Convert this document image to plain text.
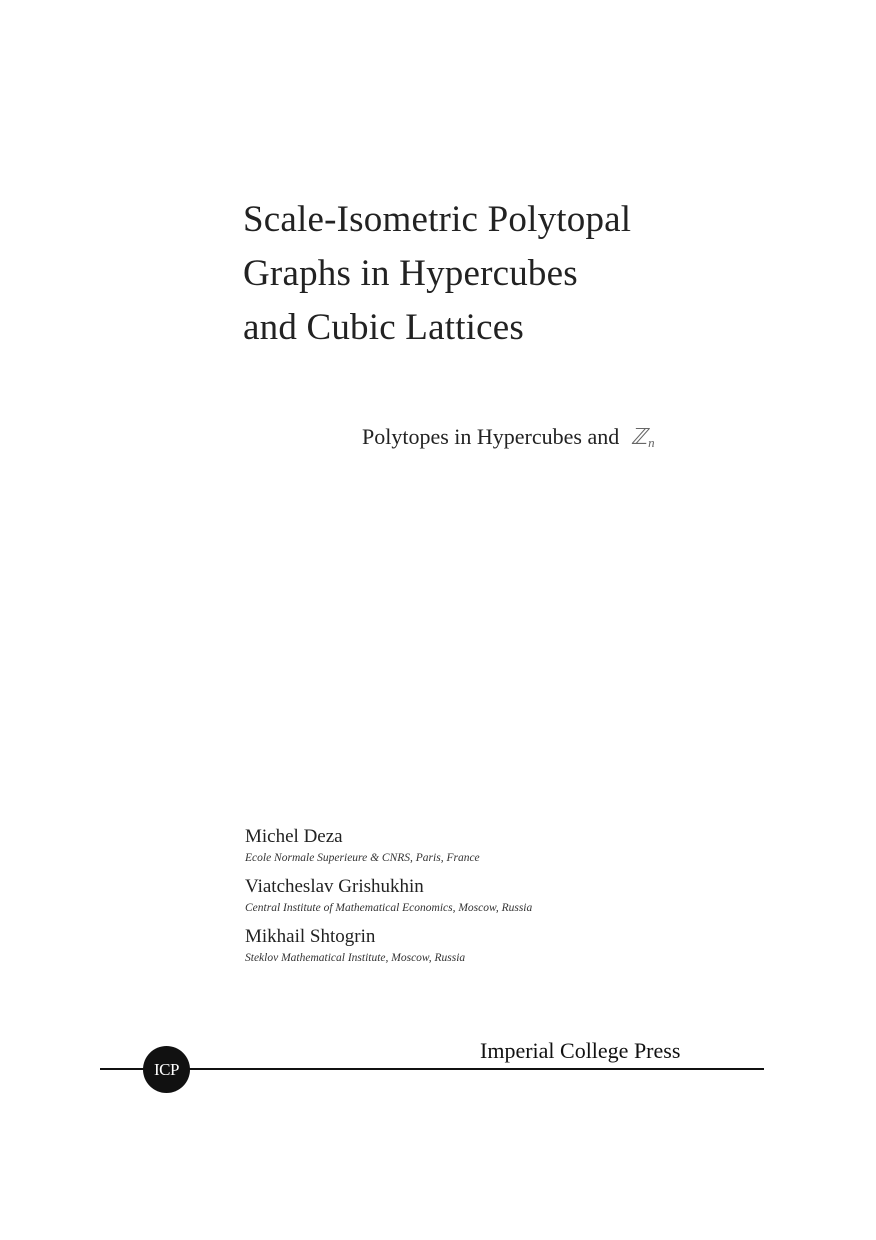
Scale-Isometric Polytopal
Graphs in Hypercubes
and Cubic Lattices
Polytopes in Hypercubes and ℤn
Michel Deza
Ecole Normale Superieure & CNRS, Paris, France
Viatcheslav Grishukhin
Central Institute of Mathematical Economics, Moscow, Russia
Mikhail Shtogrin
Steklov Mathematical Institute, Moscow, Russia
Imperial College Press
ICP
